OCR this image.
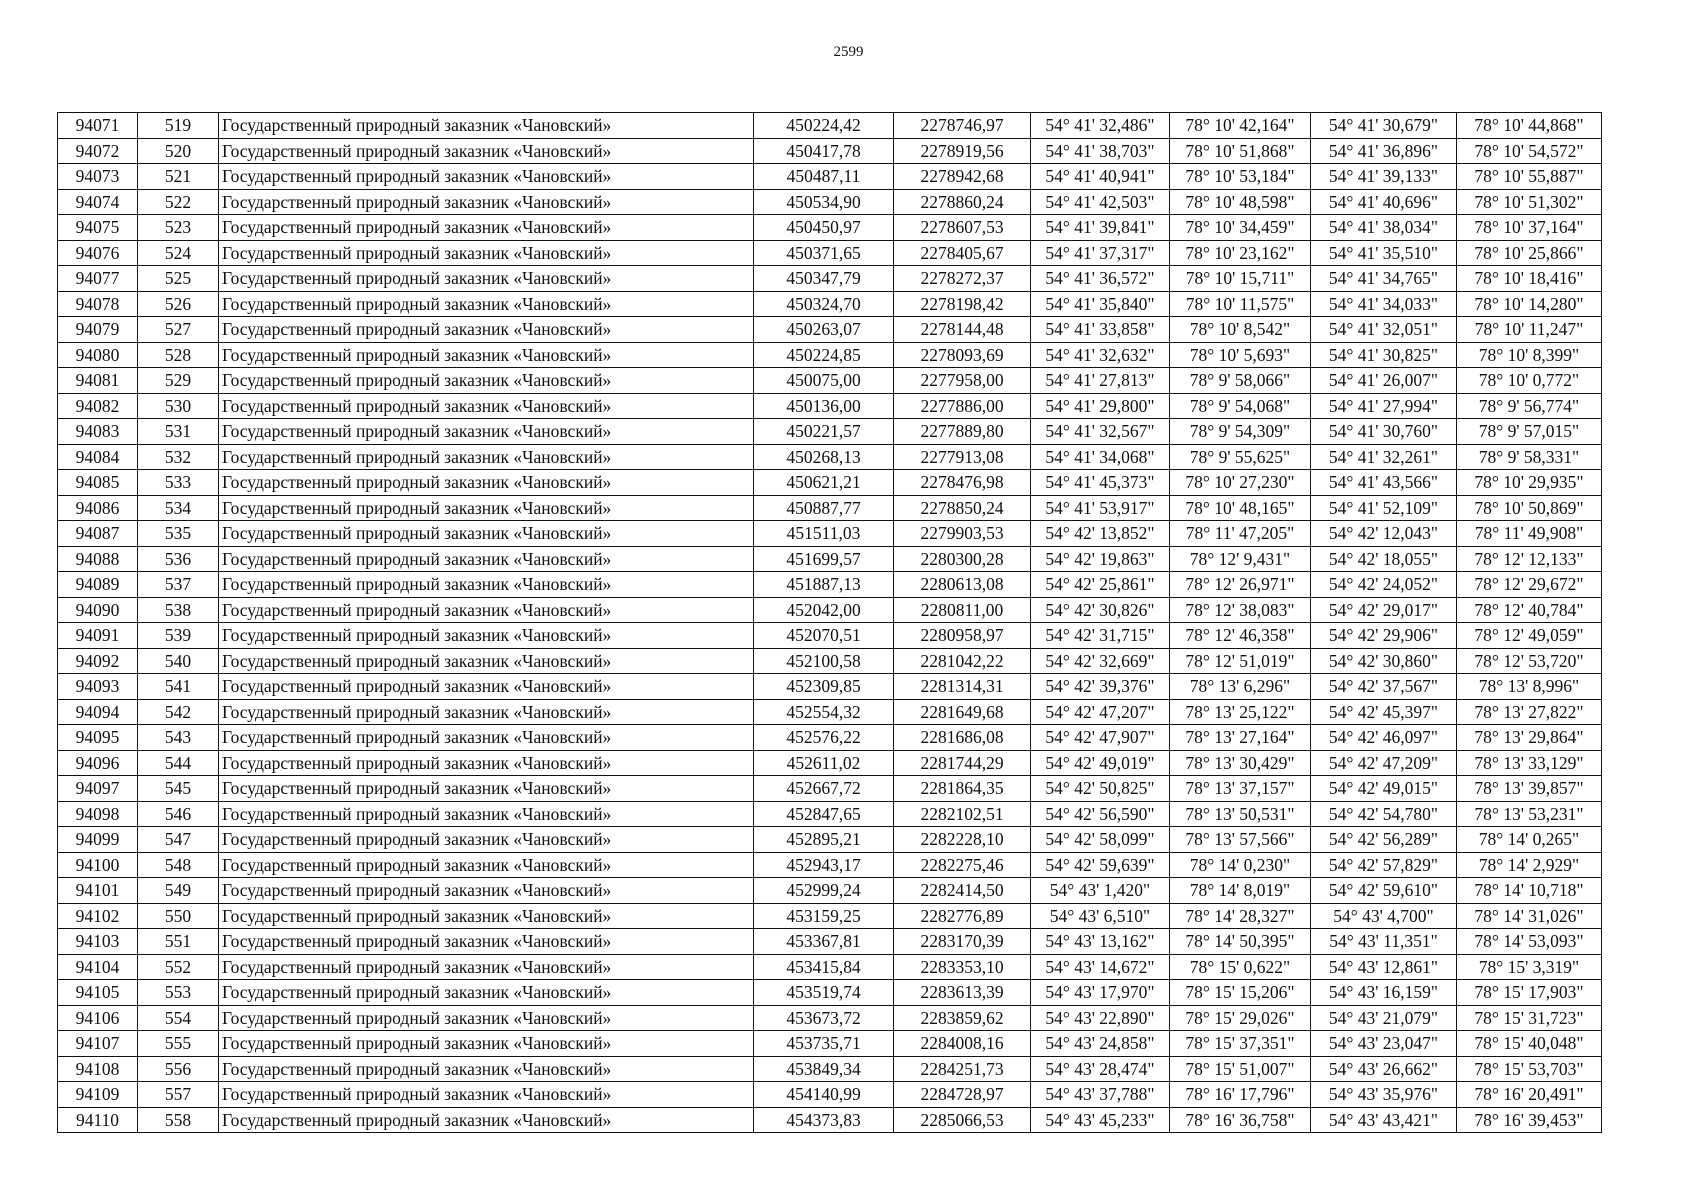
2599
94071	519	Государственный природный заказник «Чановский»	450224,42	2278746,97	54° 41' 32,486"	78° 10' 42,164"	54° 41' 30,679"	78° 10' 44,868"
94072	520	Государственный природный заказник «Чановский»	450417,78	2278919,56	54° 41' 38,703"	78° 10' 51,868"	54° 41' 36,896"	78° 10' 54,572"
94073	521	Государственный природный заказник «Чановский»	450487,11	2278942,68	54° 41' 40,941"	78° 10' 53,184"	54° 41' 39,133"	78° 10' 55,887"
94074	522	Государственный природный заказник «Чановский»	450534,90	2278860,24	54° 41' 42,503"	78° 10' 48,598"	54° 41' 40,696"	78° 10' 51,302"
94075	523	Государственный природный заказник «Чановский»	450450,97	2278607,53	54° 41' 39,841"	78° 10' 34,459"	54° 41' 38,034"	78° 10' 37,164"
94076	524	Государственный природный заказник «Чановский»	450371,65	2278405,67	54° 41' 37,317"	78° 10' 23,162"	54° 41' 35,510"	78° 10' 25,866"
94077	525	Государственный природный заказник «Чановский»	450347,79	2278272,37	54° 41' 36,572"	78° 10' 15,711"	54° 41' 34,765"	78° 10' 18,416"
94078	526	Государственный природный заказник «Чановский»	450324,70	2278198,42	54° 41' 35,840"	78° 10' 11,575"	54° 41' 34,033"	78° 10' 14,280"
94079	527	Государственный природный заказник «Чановский»	450263,07	2278144,48	54° 41' 33,858"	78° 10' 8,542"	54° 41' 32,051"	78° 10' 11,247"
94080	528	Государственный природный заказник «Чановский»	450224,85	2278093,69	54° 41' 32,632"	78° 10' 5,693"	54° 41' 30,825"	78° 10' 8,399"
94081	529	Государственный природный заказник «Чановский»	450075,00	2277958,00	54° 41' 27,813"	78° 9' 58,066"	54° 41' 26,007"	78° 10' 0,772"
94082	530	Государственный природный заказник «Чановский»	450136,00	2277886,00	54° 41' 29,800"	78° 9' 54,068"	54° 41' 27,994"	78° 9' 56,774"
94083	531	Государственный природный заказник «Чановский»	450221,57	2277889,80	54° 41' 32,567"	78° 9' 54,309"	54° 41' 30,760"	78° 9' 57,015"
94084	532	Государственный природный заказник «Чановский»	450268,13	2277913,08	54° 41' 34,068"	78° 9' 55,625"	54° 41' 32,261"	78° 9' 58,331"
94085	533	Государственный природный заказник «Чановский»	450621,21	2278476,98	54° 41' 45,373"	78° 10' 27,230"	54° 41' 43,566"	78° 10' 29,935"
94086	534	Государственный природный заказник «Чановский»	450887,77	2278850,24	54° 41' 53,917"	78° 10' 48,165"	54° 41' 52,109"	78° 10' 50,869"
94087	535	Государственный природный заказник «Чановский»	451511,03	2279903,53	54° 42' 13,852"	78° 11' 47,205"	54° 42' 12,043"	78° 11' 49,908"
94088	536	Государственный природный заказник «Чановский»	451699,57	2280300,28	54° 42' 19,863"	78° 12' 9,431"	54° 42' 18,055"	78° 12' 12,133"
94089	537	Государственный природный заказник «Чановский»	451887,13	2280613,08	54° 42' 25,861"	78° 12' 26,971"	54° 42' 24,052"	78° 12' 29,672"
94090	538	Государственный природный заказник «Чановский»	452042,00	2280811,00	54° 42' 30,826"	78° 12' 38,083"	54° 42' 29,017"	78° 12' 40,784"
94091	539	Государственный природный заказник «Чановский»	452070,51	2280958,97	54° 42' 31,715"	78° 12' 46,358"	54° 42' 29,906"	78° 12' 49,059"
94092	540	Государственный природный заказник «Чановский»	452100,58	2281042,22	54° 42' 32,669"	78° 12' 51,019"	54° 42' 30,860"	78° 12' 53,720"
94093	541	Государственный природный заказник «Чановский»	452309,85	2281314,31	54° 42' 39,376"	78° 13' 6,296"	54° 42' 37,567"	78° 13' 8,996"
94094	542	Государственный природный заказник «Чановский»	452554,32	2281649,68	54° 42' 47,207"	78° 13' 25,122"	54° 42' 45,397"	78° 13' 27,822"
94095	543	Государственный природный заказник «Чановский»	452576,22	2281686,08	54° 42' 47,907"	78° 13' 27,164"	54° 42' 46,097"	78° 13' 29,864"
94096	544	Государственный природный заказник «Чановский»	452611,02	2281744,29	54° 42' 49,019"	78° 13' 30,429"	54° 42' 47,209"	78° 13' 33,129"
94097	545	Государственный природный заказник «Чановский»	452667,72	2281864,35	54° 42' 50,825"	78° 13' 37,157"	54° 42' 49,015"	78° 13' 39,857"
94098	546	Государственный природный заказник «Чановский»	452847,65	2282102,51	54° 42' 56,590"	78° 13' 50,531"	54° 42' 54,780"	78° 13' 53,231"
94099	547	Государственный природный заказник «Чановский»	452895,21	2282228,10	54° 42' 58,099"	78° 13' 57,566"	54° 42' 56,289"	78° 14' 0,265"
94100	548	Государственный природный заказник «Чановский»	452943,17	2282275,46	54° 42' 59,639"	78° 14' 0,230"	54° 42' 57,829"	78° 14' 2,929"
94101	549	Государственный природный заказник «Чановский»	452999,24	2282414,50	54° 43' 1,420"	78° 14' 8,019"	54° 42' 59,610"	78° 14' 10,718"
94102	550	Государственный природный заказник «Чановский»	453159,25	2282776,89	54° 43' 6,510"	78° 14' 28,327"	54° 43' 4,700"	78° 14' 31,026"
94103	551	Государственный природный заказник «Чановский»	453367,81	2283170,39	54° 43' 13,162"	78° 14' 50,395"	54° 43' 11,351"	78° 14' 53,093"
94104	552	Государственный природный заказник «Чановский»	453415,84	2283353,10	54° 43' 14,672"	78° 15' 0,622"	54° 43' 12,861"	78° 15' 3,319"
94105	553	Государственный природный заказник «Чановский»	453519,74	2283613,39	54° 43' 17,970"	78° 15' 15,206"	54° 43' 16,159"	78° 15' 17,903"
94106	554	Государственный природный заказник «Чановский»	453673,72	2283859,62	54° 43' 22,890"	78° 15' 29,026"	54° 43' 21,079"	78° 15' 31,723"
94107	555	Государственный природный заказник «Чановский»	453735,71	2284008,16	54° 43' 24,858"	78° 15' 37,351"	54° 43' 23,047"	78° 15' 40,048"
94108	556	Государственный природный заказник «Чановский»	453849,34	2284251,73	54° 43' 28,474"	78° 15' 51,007"	54° 43' 26,662"	78° 15' 53,703"
94109	557	Государственный природный заказник «Чановский»	454140,99	2284728,97	54° 43' 37,788"	78° 16' 17,796"	54° 43' 35,976"	78° 16' 20,491"
94110	558	Государственный природный заказник «Чановский»	454373,83	2285066,53	54° 43' 45,233"	78° 16' 36,758"	54° 43' 43,421"	78° 16' 39,453"
